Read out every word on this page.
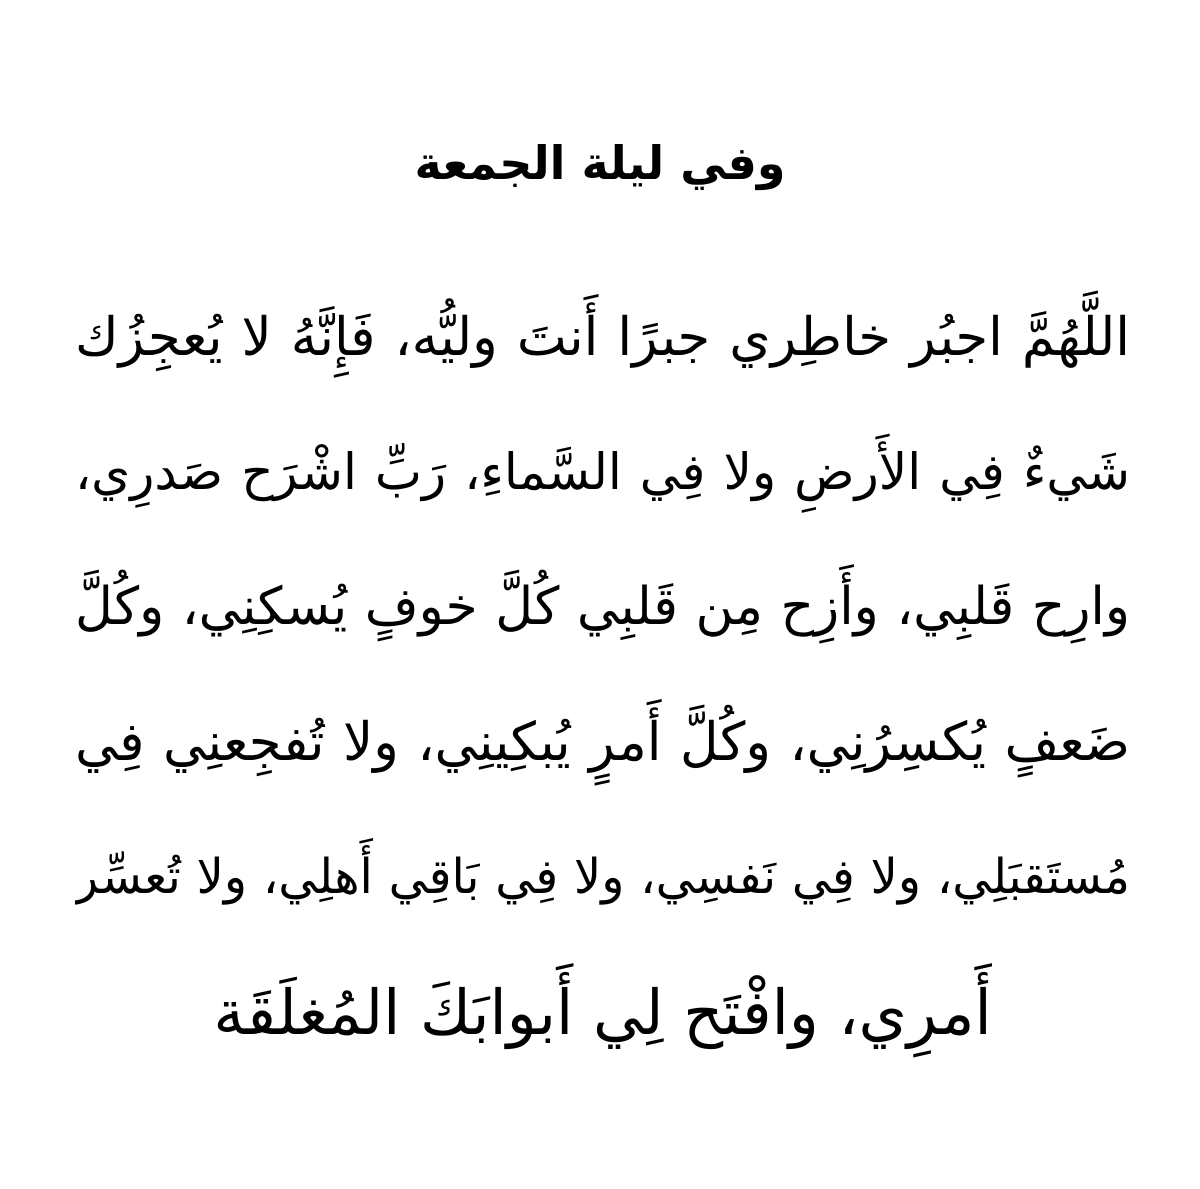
وفي ليلة الجمعة
اللَّهُمَّ اجبُر خاطِري جبرًا أَنتَ وليُّه، فَإِنَّهُ لا يُعجِزُك
شَيءٌ فِي الأَرضِ ولا فِي السَّماءِ، رَبِّ اشْرَح صَدرِي،
وارِح قَلبِي، وأَزِح مِن قَلبِي كُلَّ خوفٍ يُسكِنِي، وكُلَّ
ضَعفٍ يُكسِرُنِي، وكُلَّ أَمرٍ يُبكِينِي، ولا تُفجِعنِي فِي
مُستَقبَلِي، ولا فِي نَفسِي، ولا فِي بَاقِي أَهلِي، ولا تُعسِّر
أَمرِي، وافْتَح لِي أَبوابَكَ المُغلَقَة
